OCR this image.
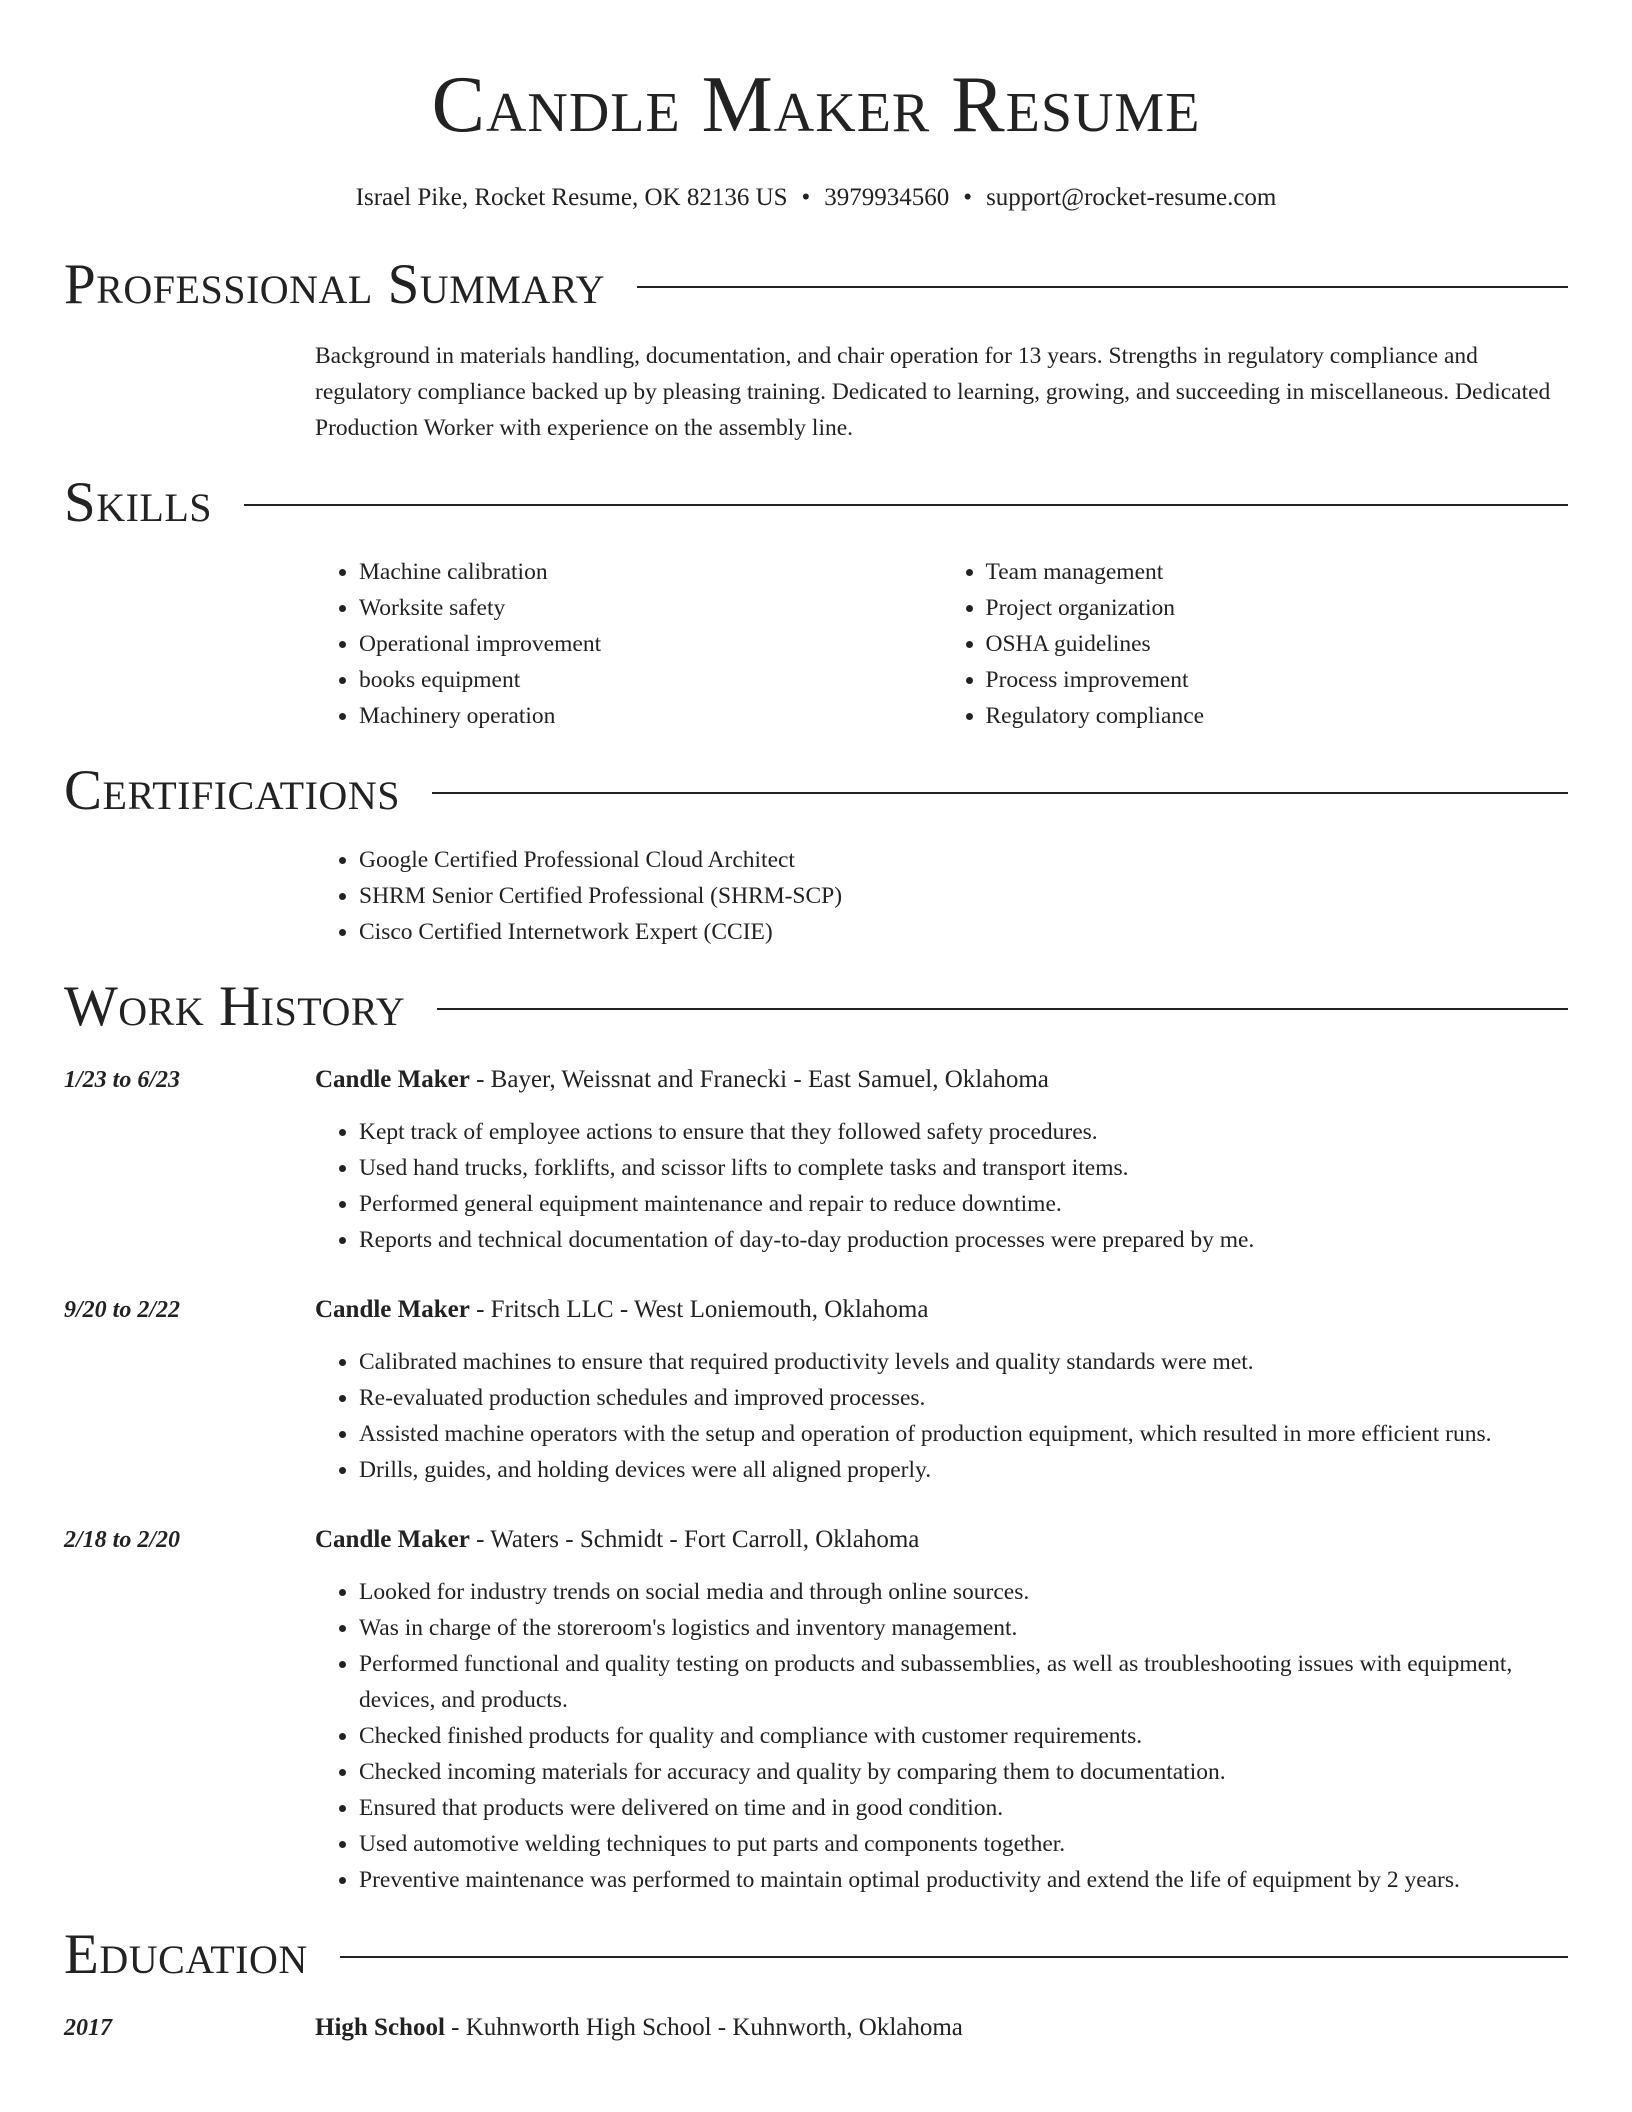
Candle Maker Resume
Israel Pike, Rocket Resume, OK 82136 US • 3979934560 • support@rocket-resume.com
Professional Summary
Background in materials handling, documentation, and chair operation for 13 years. Strengths in regulatory compliance and regulatory compliance backed up by pleasing training. Dedicated to learning, growing, and succeeding in miscellaneous. Dedicated Production Worker with experience on the assembly line.
Skills
• Machine calibration
• Worksite safety
• Operational improvement
• books equipment
• Machinery operation
• Team management
• Project organization
• OSHA guidelines
• Process improvement
• Regulatory compliance
Certifications
• Google Certified Professional Cloud Architect
• SHRM Senior Certified Professional (SHRM-SCP)
• Cisco Certified Internetwork Expert (CCIE)
Work History
1/23 to 6/23	Candle Maker - Bayer, Weissnat and Franecki - East Samuel, Oklahoma
• Kept track of employee actions to ensure that they followed safety procedures.
• Used hand trucks, forklifts, and scissor lifts to complete tasks and transport items.
• Performed general equipment maintenance and repair to reduce downtime.
• Reports and technical documentation of day-to-day production processes were prepared by me.
9/20 to 2/22	Candle Maker - Fritsch LLC - West Loniemouth, Oklahoma
• Calibrated machines to ensure that required productivity levels and quality standards were met.
• Re-evaluated production schedules and improved processes.
• Assisted machine operators with the setup and operation of production equipment, which resulted in more efficient runs.
• Drills, guides, and holding devices were all aligned properly.
2/18 to 2/20	Candle Maker - Waters - Schmidt - Fort Carroll, Oklahoma
• Looked for industry trends on social media and through online sources.
• Was in charge of the storeroom's logistics and inventory management.
• Performed functional and quality testing on products and subassemblies, as well as troubleshooting issues with equipment, devices, and products.
• Checked finished products for quality and compliance with customer requirements.
• Checked incoming materials for accuracy and quality by comparing them to documentation.
• Ensured that products were delivered on time and in good condition.
• Used automotive welding techniques to put parts and components together.
• Preventive maintenance was performed to maintain optimal productivity and extend the life of equipment by 2 years.
Education
2017	High School - Kuhnworth High School - Kuhnworth, Oklahoma
